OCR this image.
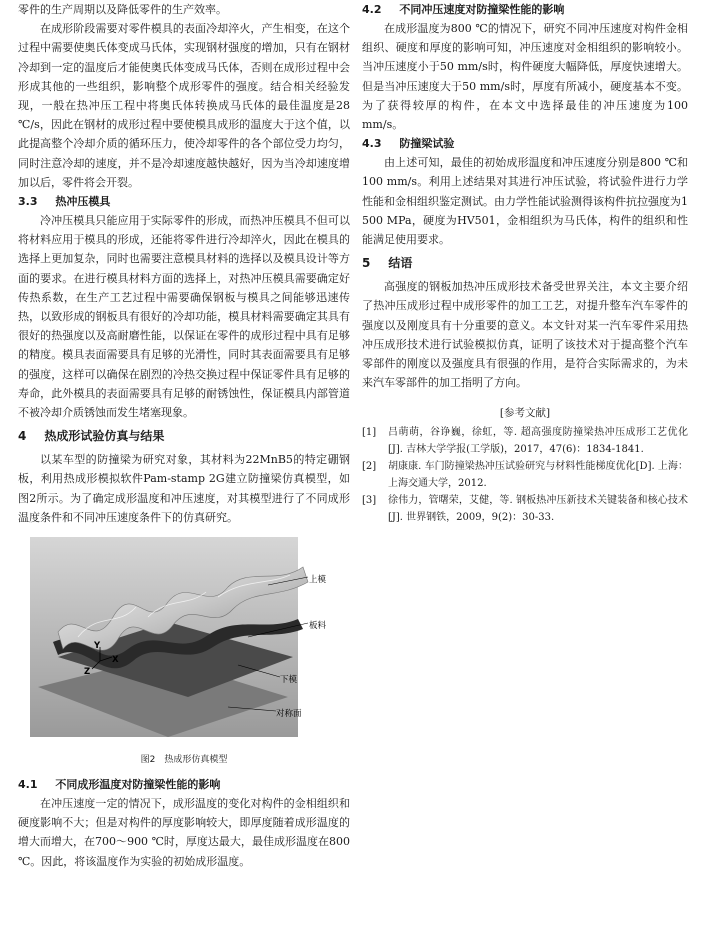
零件的生产周期以及降低零件的生产效率。

在成形阶段需要对零件模具的表面冷却淬火，产生相变，在这个过程中需要使奥氏体变成马氏体，实现钢材强度的增加，只有在钢材冷却到一定的温度后才能使奥氏体变成马氏体，否则在成形过程中会形成其他的一些组织，影响整个成形零件的强度。结合相关经验发现，一般在热冲压工程中将奥氏体转换成马氏体的最佳温度是28 ℃/s，因此在钢材的成形过程中要使模具成形的温度大于这个值，以此提高整个冷却介质的循环压力，使冷却零件的各个部位受力均匀，同时注意冷却的速度，并不是冷却速度越快越好，因为当冷却速度增加以后，零件将会开裂。

3.3 热冲压模具

冷冲压模具只能应用于实际零件的形成，而热冲压模具不但可以将材料应用于模具的形成，还能将零件进行冷却淬火，因此在模具的选择上更加复杂，同时也需要注意模具材料的选择以及模具设计等方面的要求。在进行模具材料方面的选择上，对热冲压模具需要确定好传热系数，在生产工艺过程中需要确保钢板与模具之间能够迅速传热，以致形成的钢板具有很好的冷却功能，模具材料需要确定其具有很好的热强度以及高耐磨性能，以保证在零件的成形过程中具有足够的精度。模具表面需要具有足够的光滑性，同时其表面需要具有足够的强度，这样可以确保在剧烈的冷热交换过程中保证零件具有足够的寿命，此外模具的表面需要具有足够的耐锈蚀性，保证模具内部管道不被冷却介质锈蚀而发生堵塞现象。

4 热成形试验仿真与结果

以某车型的防撞梁为研究对象，其材料为22MnB5的特定硼钢板，利用热成形模拟软件Pam-stamp 2G建立防撞梁仿真模型，如图2所示。为了确定成形温度和冲压速度，对其模型进行了不同成形温度条件和不同冲压速度条件下的仿真研究。

上模
板料
下模
对称面
Y
Z
X
图2　热成形仿真模型
4.1 不同成形温度对防撞梁性能的影响

在冲压速度一定的情况下，成形温度的变化对构件的金相组织和硬度影响不大；但是对构件的厚度影响较大，即厚度随着成形温度的增大而增大，在700～900 ℃时，厚度达最大，最佳成形温度在800 ℃。因此，将该温度作为实验的初始成形温度。

4.2 不同冲压速度对防撞梁性能的影响

在成形温度为800 ℃的情况下，研究不同冲压速度对构件金相组织、硬度和厚度的影响可知，冲压速度对金相组织的影响较小。当冲压速度小于50 mm/s时，构件硬度大幅降低，厚度快速增大。但是当冲压速度大于50 mm/s时，厚度有所减小，硬度基本不变。为了获得较厚的构件，在本文中选择最佳的冲压速度为100 mm/s。

4.3 防撞梁试验

由上述可知，最佳的初始成形温度和冲压速度分别是800 ℃和100 mm/s。利用上述结果对其进行冲压试验，将试验件进行力学性能和金相组织鉴定测试。由力学性能试验测得该构件抗拉强度为1 500 MPa，硬度为HV501，金相组织为马氏体，构件的组织和性能满足使用要求。

5 结语

高强度的钢板加热冲压成形技术备受世界关注，本文主要介绍了热冲压成形过程中成形零件的加工工艺，对提升整车汽车零件的强度以及刚度具有十分重要的意义。本文针对某一汽车零件采用热冲压成形技术进行试验模拟仿真，证明了该技术对于提高整个汽车零部件的刚度以及强度具有很强的作用，是符合实际需求的，为未来汽车零部件的加工指明了方向。

[参考文献]
[1]	吕萌萌，谷诤巍，徐虹，等. 超高强度防撞梁热冲压成形工艺优化[J]. 吉林大学学报(工学版)，2017，47(6)：1834-1841.
[2]	胡康康. 车门防撞梁热冲压试验研究与材料性能梯度优化[D]. 上海：上海交通大学，2012.
[3]	徐伟力，管曙荣，艾健，等. 钢板热冲压新技术关键装备和核心技术[J]. 世界钢铁，2009，9(2)：30-33.
